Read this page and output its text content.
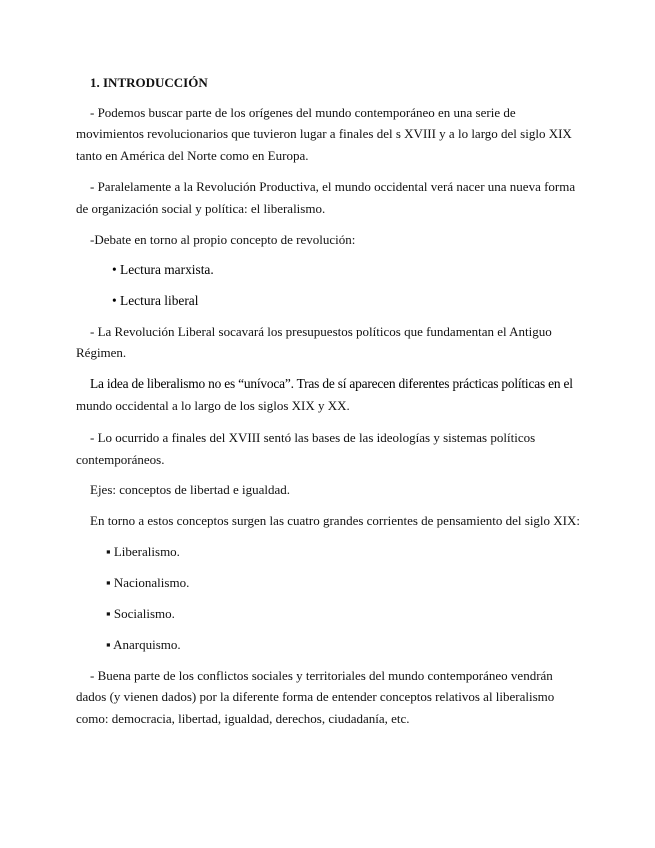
1. INTRODUCCIÓN
- Podemos buscar parte de los orígenes del mundo contemporáneo en una serie de
movimientos revolucionarios que tuvieron lugar a finales del s XVIII y a lo largo del siglo XIX
tanto en América del Norte como en Europa.
- Paralelamente a la Revolución Productiva, el mundo occidental verá nacer una nueva forma
de organización social y política: el liberalismo.
-Debate en torno al propio concepto de revolución:
• Lectura marxista.
• Lectura liberal
- La Revolución Liberal socavará los presupuestos políticos que fundamentan el Antiguo
Régimen.
La idea de liberalismo no es “unívoca”. Tras de sí aparecen diferentes prácticas políticas en el
mundo occidental a lo largo de los siglos XIX y XX.
- Lo ocurrido a finales del XVIII sentó las bases de las ideologías y sistemas políticos
contemporáneos.
Ejes: conceptos de libertad e igualdad.
En torno a estos conceptos surgen las cuatro grandes corrientes de pensamiento del siglo XIX:
▪ Liberalismo.
▪ Nacionalismo.
▪ Socialismo.
▪ Anarquismo.
- Buena parte de los conflictos sociales y territoriales del mundo contemporáneo vendrán
dados (y vienen dados) por la diferente forma de entender conceptos relativos al liberalismo
como: democracia, libertad, igualdad, derechos, ciudadanía, etc.
